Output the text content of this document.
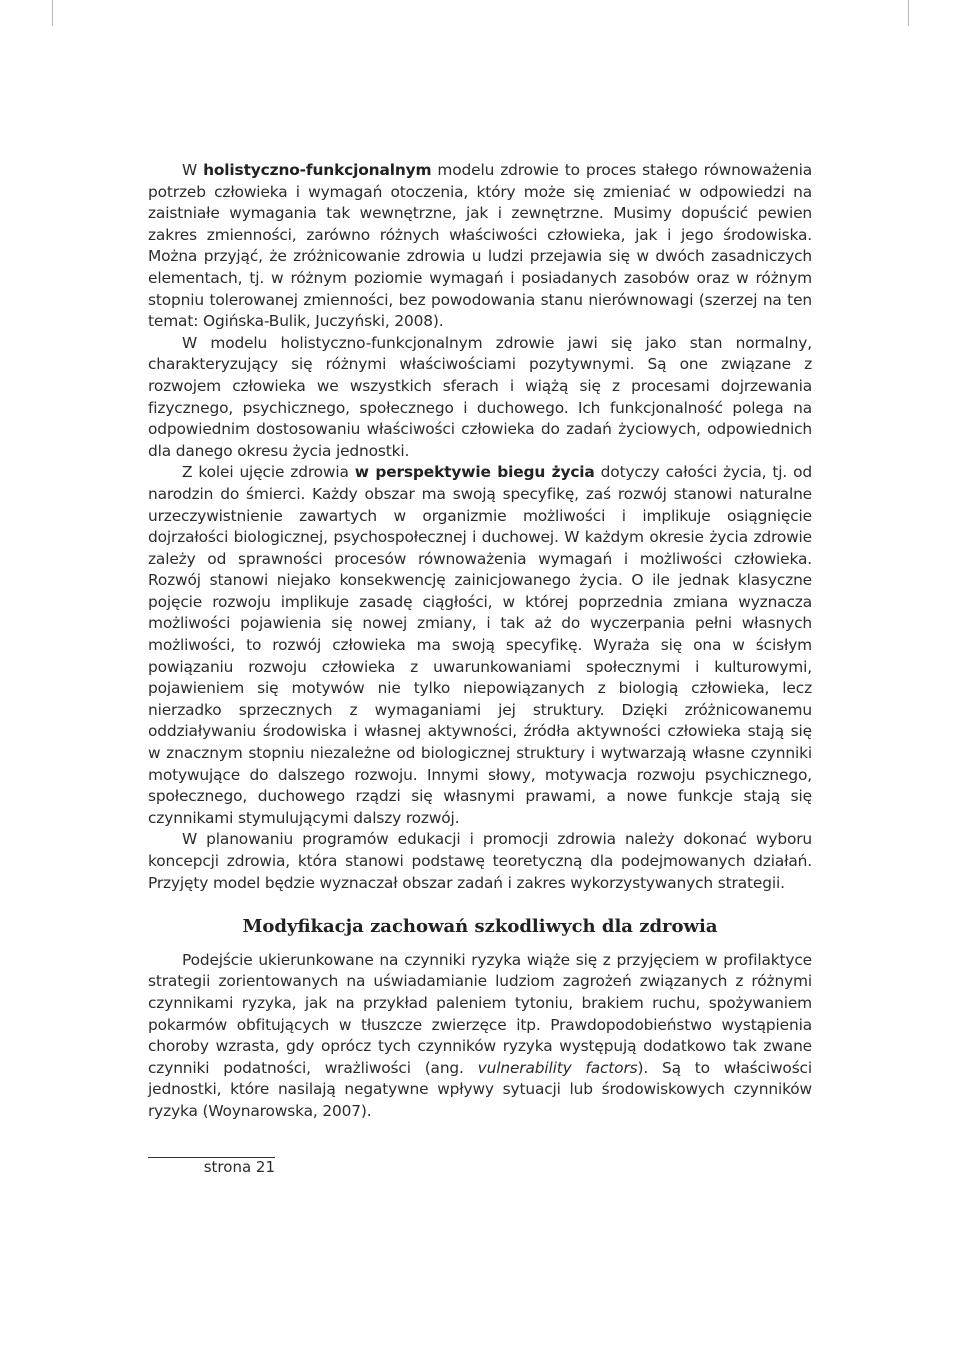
W holistyczno-funkcjonalnym modelu zdrowie to proces stałego równoważenia potrzeb człowieka i wymagań otoczenia, który może się zmieniać w odpowiedzi na zaistniałe wymagania tak wewnętrzne, jak i zewnętrzne. Musimy dopuścić pewien zakres zmienności, zarówno różnych właściwości człowieka, jak i jego środowiska. Można przyjąć, że zróżnicowanie zdrowia u ludzi przejawia się w dwóch zasadniczych elementach, tj. w różnym poziomie wymagań i posiadanych zasobów oraz w różnym stopniu tolerowanej zmienności, bez powodowania stanu nierównowagi (szerzej na ten temat: Ogińska-Bulik, Juczyński, 2008).

W modelu holistyczno-funkcjonalnym zdrowie jawi się jako stan normalny, charakteryzujący się różnymi właściwościami pozytywnymi. Są one związane z rozwojem człowieka we wszystkich sferach i wiążą się z procesami dojrzewania fizycznego, psychicznego, społecznego i duchowego. Ich funkcjonalność polega na odpowiednim dostosowaniu właściwości człowieka do zadań życiowych, odpowiednich dla danego okresu życia jednostki.

Z kolei ujęcie zdrowia w perspektywie biegu życia dotyczy całości życia, tj. od narodzin do śmierci. Każdy obszar ma swoją specyfikę, zaś rozwój stanowi naturalne urzeczywistnienie zawartych w organizmie możliwości i implikuje osiągnięcie dojrzałości biologicznej, psychospołecznej i duchowej. W każdym okresie życia zdrowie zależy od sprawności procesów równoważenia wymagań i możliwości człowieka. Rozwój stanowi niejako konsekwencję zainicjowanego życia. O ile jednak klasyczne pojęcie rozwoju implikuje zasadę ciągłości, w której poprzednia zmiana wyznacza możliwości pojawienia się nowej zmiany, i tak aż do wyczerpania pełni własnych możliwości, to rozwój człowieka ma swoją specyfikę. Wyraża się ona w ścisłym powiązaniu rozwoju człowieka z uwarunkowaniami społecznymi i kulturowymi, pojawieniem się motywów nie tylko niepowiązanych z biologią człowieka, lecz nierzadko sprzecznych z wymaganiami jej struktury. Dzięki zróżnicowanemu oddziaływaniu środowiska i własnej aktywności, źródła aktywności człowieka stają się w znacznym stopniu niezależne od biologicznej struktury i wytwarzają własne czynniki motywujące do dalszego rozwoju. Innymi słowy, motywacja rozwoju psychicznego, społecznego, duchowego rządzi się własnymi prawami, a nowe funkcje stają się czynnikami stymulującymi dalszy rozwój.

W planowaniu programów edukacji i promocji zdrowia należy dokonać wyboru koncepcji zdrowia, która stanowi podstawę teoretyczną dla podejmowanych działań. Przyjęty model będzie wyznaczał obszar zadań i zakres wykorzystywanych strategii.

Modyfikacja zachowań szkodliwych dla zdrowia

Podejście ukierunkowane na czynniki ryzyka wiąże się z przyjęciem w profilaktyce strategii zorientowanych na uświadamianie ludziom zagrożeń związanych z różnymi czynnikami ryzyka, jak na przykład paleniem tytoniu, brakiem ruchu, spożywaniem pokarmów obfitujących w tłuszcze zwierzęce itp. Prawdopodobieństwo wystąpienia choroby wzrasta, gdy oprócz tych czynników ryzyka występują dodatkowo tak zwane czynniki podatności, wrażliwości (ang. vulnerability factors). Są to właściwości jednostki, które nasilają negatywne wpływy sytuacji lub środowiskowych czynników ryzyka (Woynarowska, 2007).

strona 21
